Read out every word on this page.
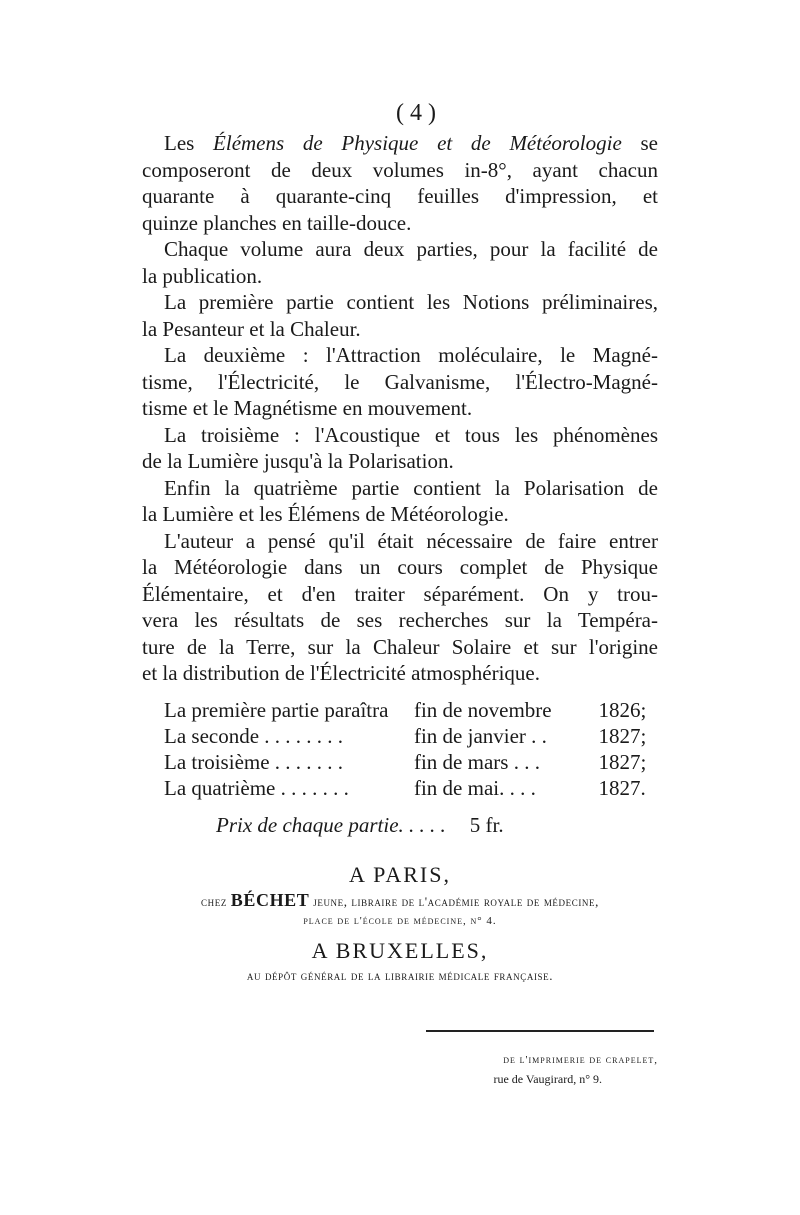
( 4 )

Les Élémens de Physique et de Météorologie se
composeront de deux volumes in-8°, ayant chacun
quarante à quarante-cinq feuilles d'impression, et
quinze planches en taille-douce.

Chaque volume aura deux parties, pour la facilité de
la publication.

La première partie contient les Notions préliminaires,
la Pesanteur et la Chaleur.

La deuxième : l'Attraction moléculaire, le Magné-
tisme, l'Électricité, le Galvanisme, l'Électro-Magné-
tisme et le Magnétisme en mouvement.

La troisième : l'Acoustique et tous les phénomènes
de la Lumière jusqu'à la Polarisation.

Enfin la quatrième partie contient la Polarisation de
la Lumière et les Élémens de Météorologie.

L'auteur a pensé qu'il était nécessaire de faire entrer
la Météorologie dans un cours complet de Physique
Élémentaire, et d'en traiter séparément. On y trou-
vera les résultats de ses recherches sur la Tempéra-
ture de la Terre, sur la Chaleur Solaire et sur l'origine
et la distribution de l'Électricité atmosphérique.

La première partie paraîtra	fin de novembre	1826;
La seconde . . . . . . . .	fin de janvier . .	1827;
La troisième . . . . . . .	fin de mars . . .	1827;
La quatrième . . . . . . .	fin de mai. . . .	1827.
Prix de chaque partie. . . . . 5 fr.
A PARIS,
chez BÉCHET jeune, libraire de l'académie royale de médecine,
place de l'école de médecine, n° 4.
A BRUXELLES,
au dépôt général de la librairie médicale française.
de l'imprimerie de crapelet,
rue de Vaugirard, n° 9.
